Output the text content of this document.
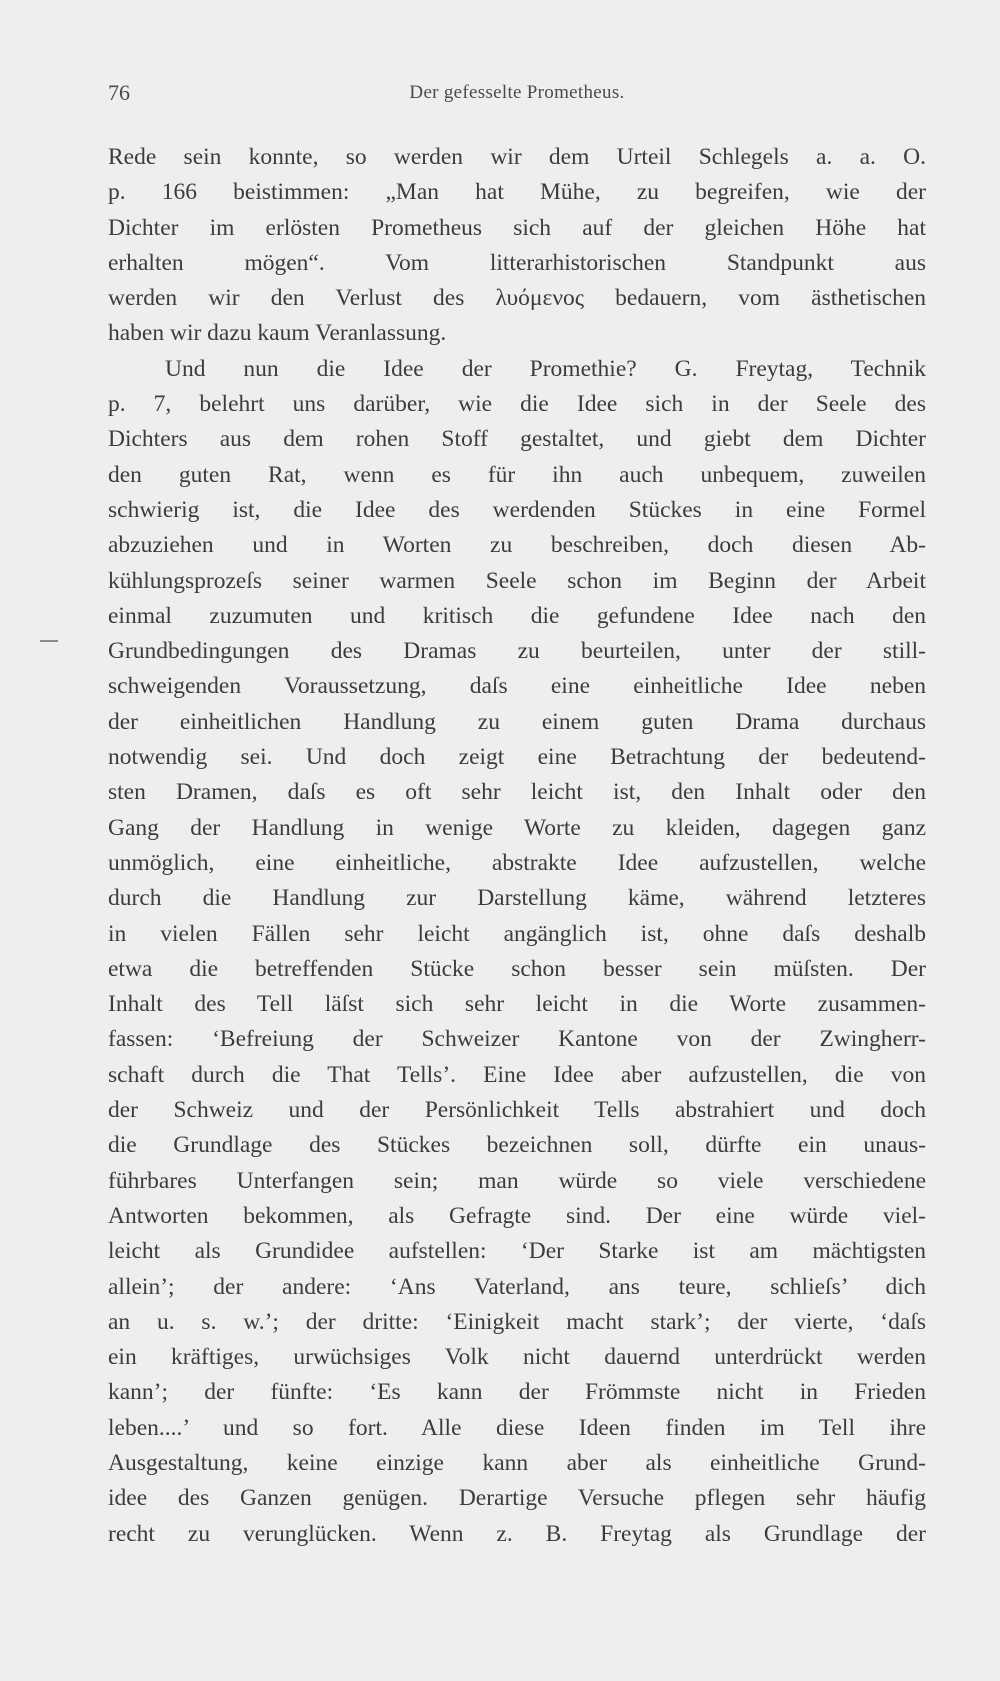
76	Der gefesselte Prometheus.
Rede sein konnte, so werden wir dem Urteil Schlegels a. a. O.
p. 166 beistimmen: „Man hat Mühe, zu begreifen, wie der
Dichter im erlösten Prometheus sich auf der gleichen Höhe hat
erhalten mögen“. Vom litterarhistorischen Standpunkt aus
werden wir den Verlust des λυόμενος bedauern, vom ästhetischen
haben wir dazu kaum Veranlassung.
Und nun die Idee der Promethie? G. Freytag, Technik
p. 7, belehrt uns darüber, wie die Idee sich in der Seele des
Dichters aus dem rohen Stoff gestaltet, und giebt dem Dichter
den guten Rat, wenn es für ihn auch unbequem, zuweilen
schwierig ist, die Idee des werdenden Stückes in eine Formel
abzuziehen und in Worten zu beschreiben, doch diesen Ab-
kühlungsprozeſs seiner warmen Seele schon im Beginn der Arbeit
einmal zuzumuten und kritisch die gefundene Idee nach den
Grundbedingungen des Dramas zu beurteilen, unter der still-
schweigenden Voraussetzung, daſs eine einheitliche Idee neben
der einheitlichen Handlung zu einem guten Drama durchaus
notwendig sei. Und doch zeigt eine Betrachtung der bedeutend-
sten Dramen, daſs es oft sehr leicht ist, den Inhalt oder den
Gang der Handlung in wenige Worte zu kleiden, dagegen ganz
unmöglich, eine einheitliche, abstrakte Idee aufzustellen, welche
durch die Handlung zur Darstellung käme, während letzteres
in vielen Fällen sehr leicht angänglich ist, ohne daſs deshalb
etwa die betreffenden Stücke schon besser sein müſsten. Der
Inhalt des Tell läſst sich sehr leicht in die Worte zusammen-
fassen: ‘Befreiung der Schweizer Kantone von der Zwingherr-
schaft durch die That Tells’. Eine Idee aber aufzustellen, die von
der Schweiz und der Persönlichkeit Tells abstrahiert und doch
die Grundlage des Stückes bezeichnen soll, dürfte ein unaus-
führbares Unterfangen sein; man würde so viele verschiedene
Antworten bekommen, als Gefragte sind. Der eine würde viel-
leicht als Grundidee aufstellen: ‘Der Starke ist am mächtigsten
allein’; der andere: ‘Ans Vaterland, ans teure, schlieſs’ dich
an u. s. w.’; der dritte: ‘Einigkeit macht stark’; der vierte, ‘daſs
ein kräftiges, urwüchsiges Volk nicht dauernd unterdrückt werden
kann’; der fünfte: ‘Es kann der Frömmste nicht in Frieden
leben....’ und so fort. Alle diese Ideen finden im Tell ihre
Ausgestaltung, keine einzige kann aber als einheitliche Grund-
idee des Ganzen genügen. Derartige Versuche pflegen sehr häufig
recht zu verunglücken. Wenn z. B. Freytag als Grundlage der
